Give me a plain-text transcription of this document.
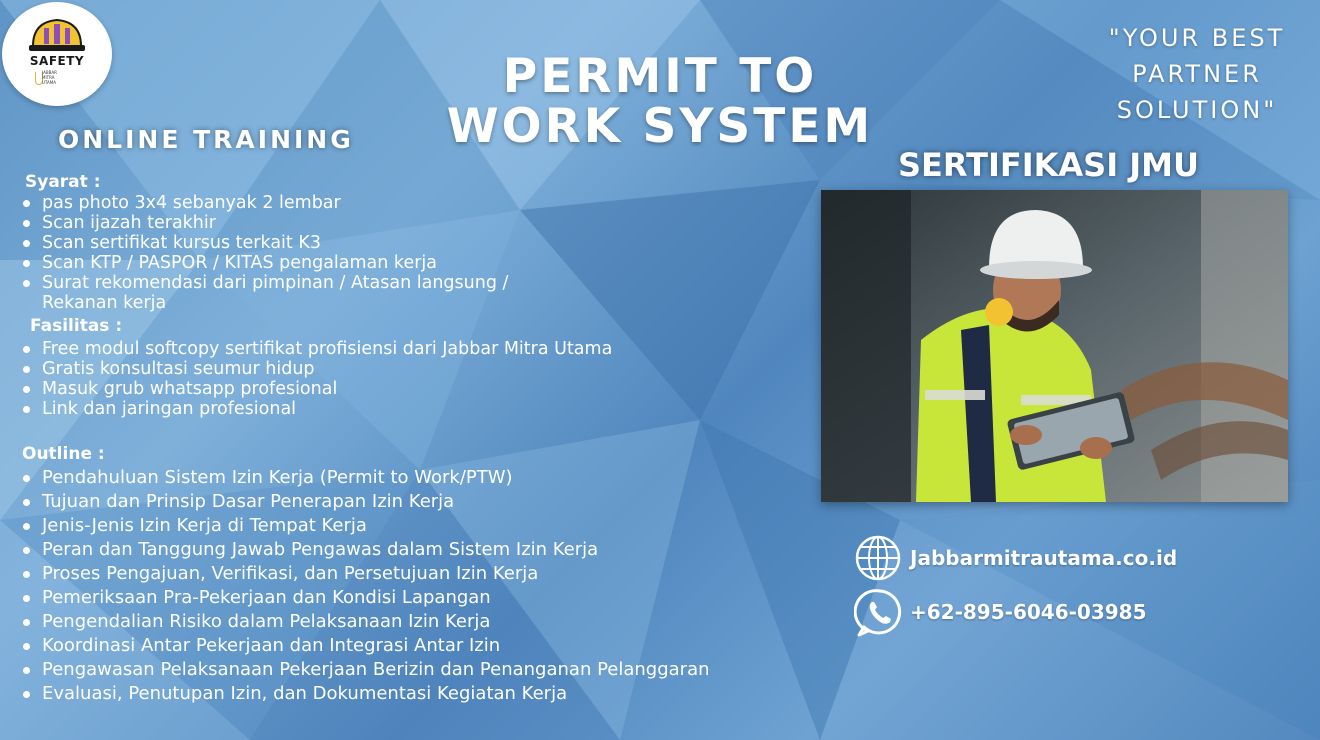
SAFETY
JABBAR
MITRA
UTAMA	PERMIT TO
WORK SYSTEM
"YOUR BEST
PARTNER
SOLUTION"
ONLINE TRAINING
SERTIFIKASI JMU
Syarat :
pas photo 3x4 sebanyak 2 lembar
Scan ijazah terakhir
Scan sertifikat kursus terkait K3
Scan KTP / PASPOR / KITAS pengalaman kerja
Surat rekomendasi dari pimpinan / Atasan langsung /
Rekanan kerja
Fasilitas :
Free modul softcopy sertifikat profisiensi dari Jabbar Mitra Utama
Gratis konsultasi seumur hidup
Masuk grub whatsapp profesional
Link dan jaringan profesional
Outline :
Pendahuluan Sistem Izin Kerja (Permit to Work/PTW)
Tujuan dan Prinsip Dasar Penerapan Izin Kerja
Jenis-Jenis Izin Kerja di Tempat Kerja
Peran dan Tanggung Jawab Pengawas dalam Sistem Izin Kerja
Proses Pengajuan, Verifikasi, dan Persetujuan Izin Kerja
Pemeriksaan Pra-Pekerjaan dan Kondisi Lapangan
Pengendalian Risiko dalam Pelaksanaan Izin Kerja
Koordinasi Antar Pekerjaan dan Integrasi Antar Izin
Pengawasan Pelaksanaan Pekerjaan Berizin dan Penanganan Pelanggaran
Evaluasi, Penutupan Izin, dan Dokumentasi Kegiatan Kerja
Jabbarmitrautama.co.id
+62-895-6046-03985
